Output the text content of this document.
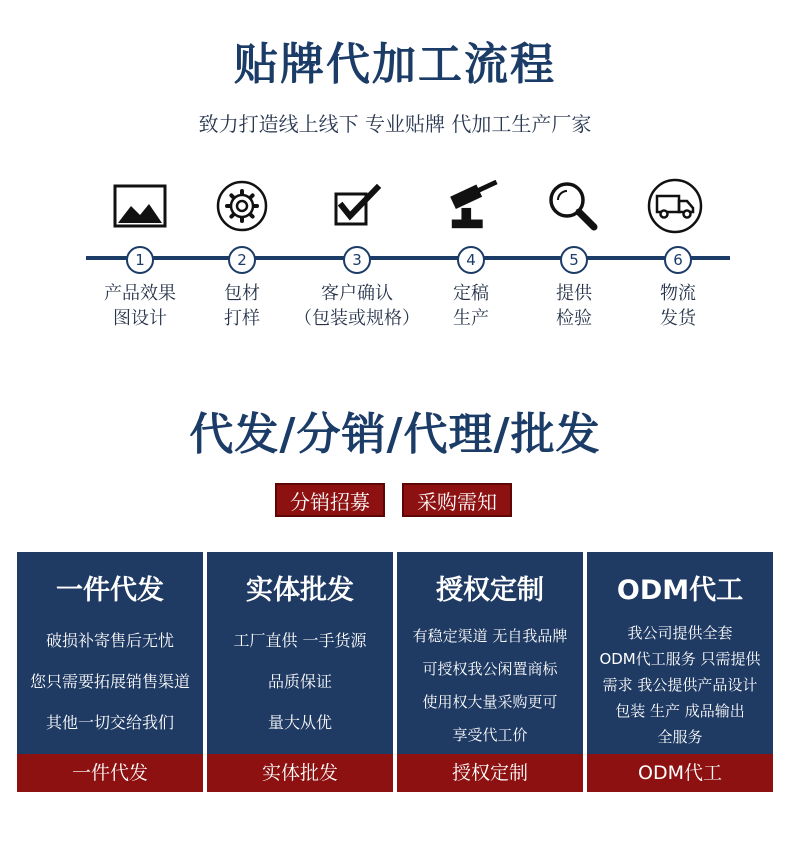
贴牌代加工流程
致力打造线上线下 专业贴牌 代加工生产厂家
1	2	3	4	5	6
产品效果
图设计
包材
打样
客户确认
（包装或规格）
定稿
生产
提供
检验
物流
发货
代发/分销/代理/批发
分销招募	采购需知
一件代发
破损补寄售后无忧
您只需要拓展销售渠道
其他一切交给我们
一件代发
实体批发
工厂直供 一手货源
品质保证
量大从优
实体批发
授权定制
有稳定渠道 无自我品牌
可授权我公闲置商标
使用权大量采购更可
享受代工价
授权定制
ODM代工
我公司提供全套
ODM代工服务 只需提供
需求 我公提供产品设计
包装 生产 成品输出
全服务
ODM代工
